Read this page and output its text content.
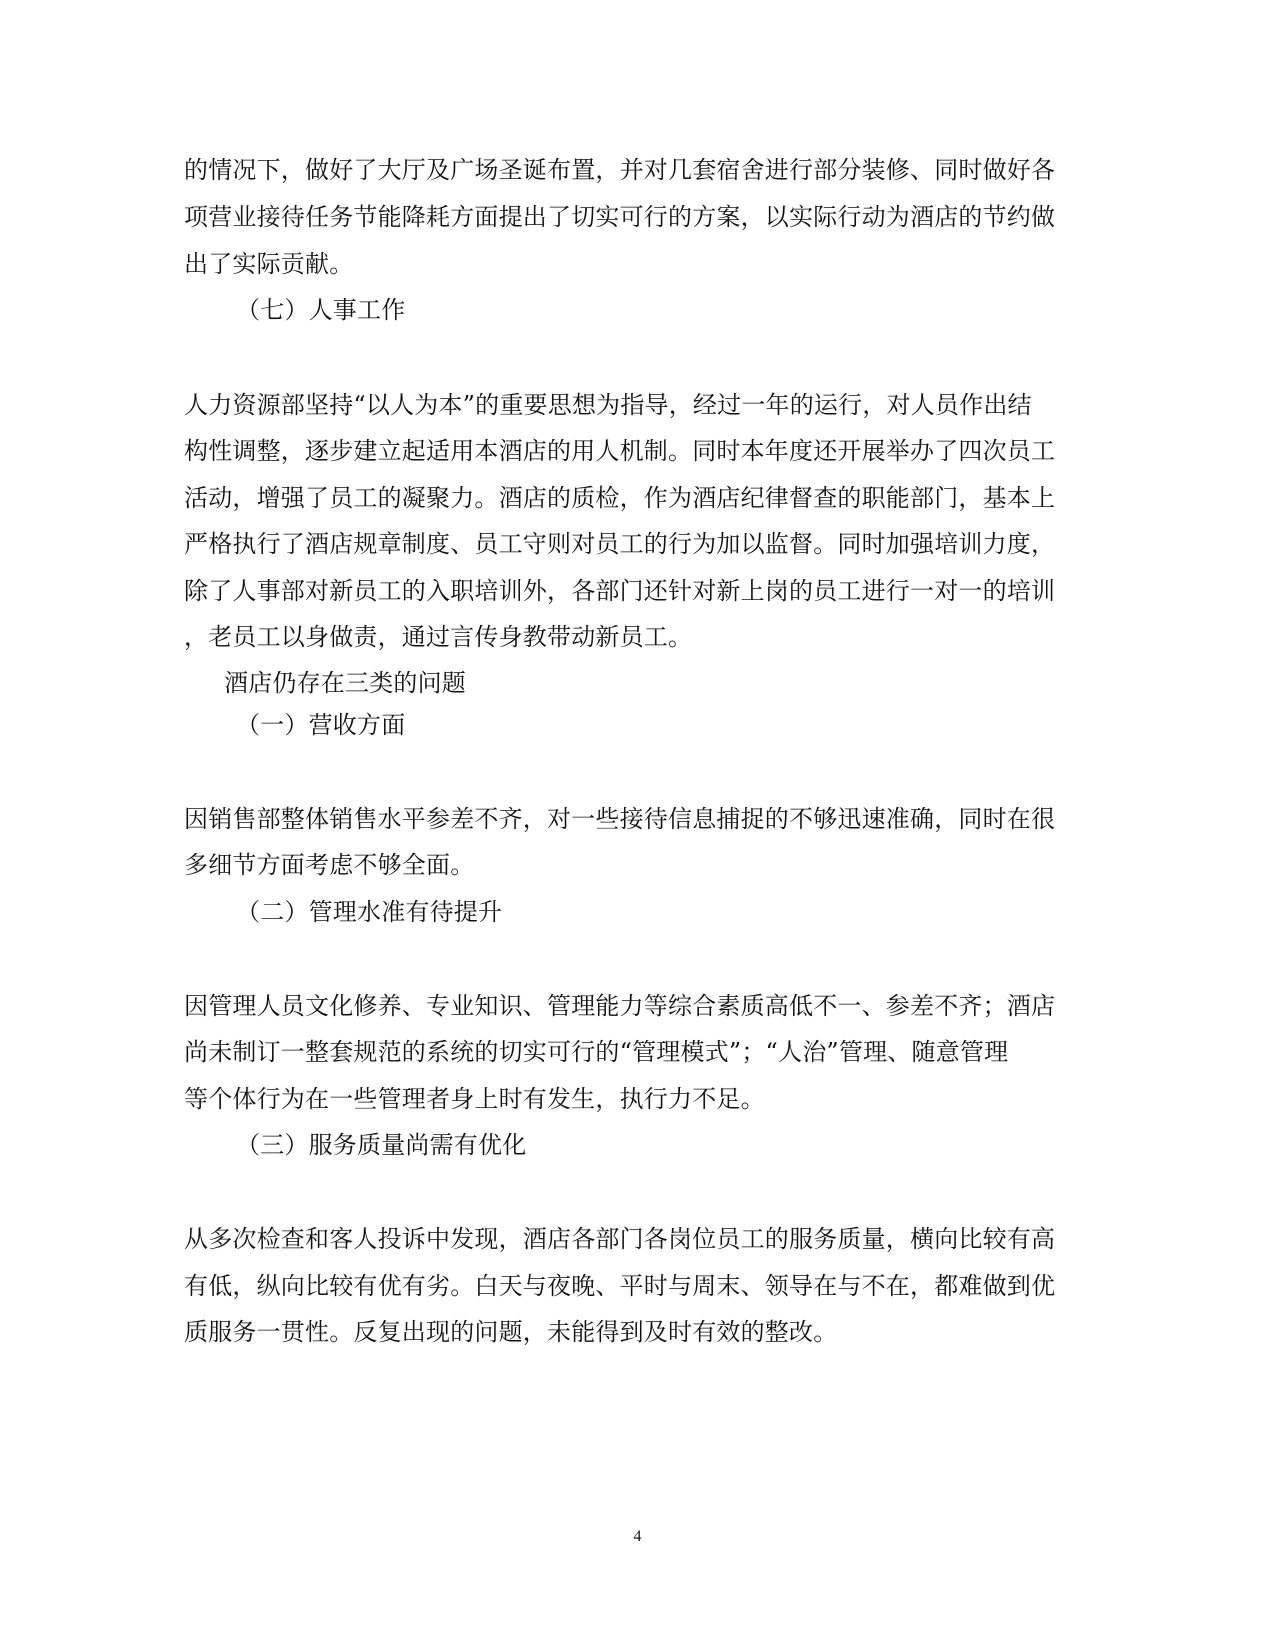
的情况下，做好了大厅及广场圣诞布置，并对几套宿舍进行部分装修、同时做好各
项营业接待任务节能降耗方面提出了切实可行的方案，以实际行动为酒店的节约做
出了实际贡献。
（七）人事工作
人力资源部坚持“以人为本”的重要思想为指导，经过一年的运行，对人员作出结
构性调整，逐步建立起适用本酒店的用人机制。同时本年度还开展举办了四次员工
活动，增强了员工的凝聚力。酒店的质检，作为酒店纪律督查的职能部门，基本上
严格执行了酒店规章制度、员工守则对员工的行为加以监督。同时加强培训力度，
除了人事部对新员工的入职培训外，各部门还针对新上岗的员工进行一对一的培训
，老员工以身做责，通过言传身教带动新员工。
酒店仍存在三类的问题
（一）营收方面
因销售部整体销售水平参差不齐，对一些接待信息捕捉的不够迅速准确，同时在很
多细节方面考虑不够全面。
（二）管理水准有待提升
因管理人员文化修养、专业知识、管理能力等综合素质高低不一、参差不齐；酒店
尚未制订一整套规范的系统的切实可行的“管理模式”；“人治”管理、随意管理
等个体行为在一些管理者身上时有发生，执行力不足。
（三）服务质量尚需有优化
从多次检查和客人投诉中发现，酒店各部门各岗位员工的服务质量，横向比较有高
有低，纵向比较有优有劣。白天与夜晚、平时与周末、领导在与不在，都难做到优
质服务一贯性。反复出现的问题，未能得到及时有效的整改。
4
